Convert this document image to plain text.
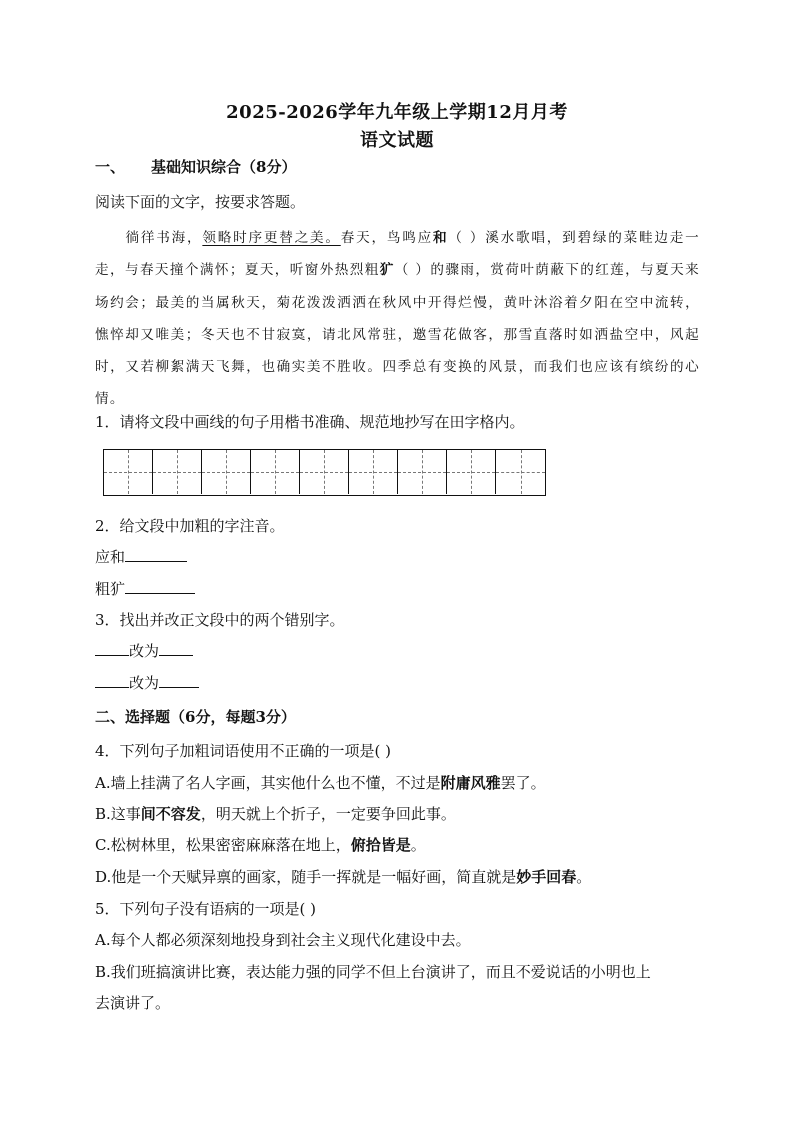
2025-2026学年九年级上学期12月月考
语文试题
一、 基础知识综合（8分）
阅读下面的文字，按要求答题。

徜徉书海，领略时序更替之美。春天，鸟鸣应和（ ）溪水歌唱，到碧绿的菜畦边走一走，与春天撞个满怀；夏天，听窗外热烈粗犷（ ）的骤雨，赏荷叶荫蔽下的红莲，与夏天来场约会；最美的当属秋天，菊花泼泼洒洒在秋风中开得烂慢，黄叶沐浴着夕阳在空中流转，憔悴却又唯美；冬天也不甘寂寞，请北风常驻，邀雪花做客，那雪直落时如洒盐空中，风起时，又若柳絮满天飞舞，也确实美不胜收。四季总有变换的风景，而我们也应该有缤纷的心情。

1．请将文段中画线的句子用楷书准确、规范地抄写在田字格内。
2．给文段中加粗的字注音。
应和
粗犷
3．找出并改正文段中的两个错别字。
改为
改为
二、选择题（6分，每题3分）
4．下列句子加粗词语使用不正确的一项是( )
A.墙上挂满了名人字画，其实他什么也不懂，不过是附庸风雅罢了。
B.这事间不容发，明天就上个折子，一定要争回此事。
C.松树林里，松果密密麻麻落在地上，俯拾皆是。
D.他是一个天赋异禀的画家，随手一挥就是一幅好画，简直就是妙手回春。
5．下列句子没有语病的一项是( )
A.每个人都必须深刻地投身到社会主义现代化建设中去。
B.我们班搞演讲比赛，表达能力强的同学不但上台演讲了，而且不爱说话的小明也上
去演讲了。
